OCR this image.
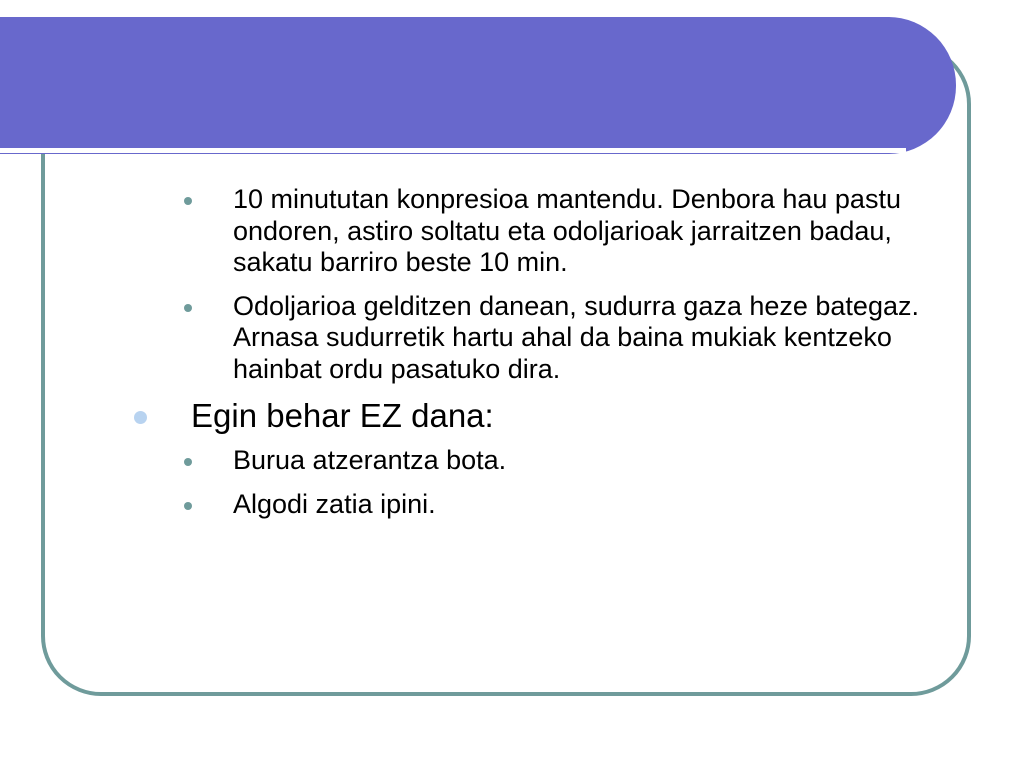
10 minututan konpresioa mantendu. Denbora hau pastu ondoren, astiro soltatu eta odoljarioak jarraitzen badau, sakatu barriro beste 10 min.
Odoljarioa gelditzen danean, sudurra gaza heze bategaz. Arnasa sudurretik hartu ahal da baina mukiak kentzeko hainbat ordu pasatuko dira.
Egin behar EZ dana:
Burua atzerantza bota.
Algodi zatia ipini.
